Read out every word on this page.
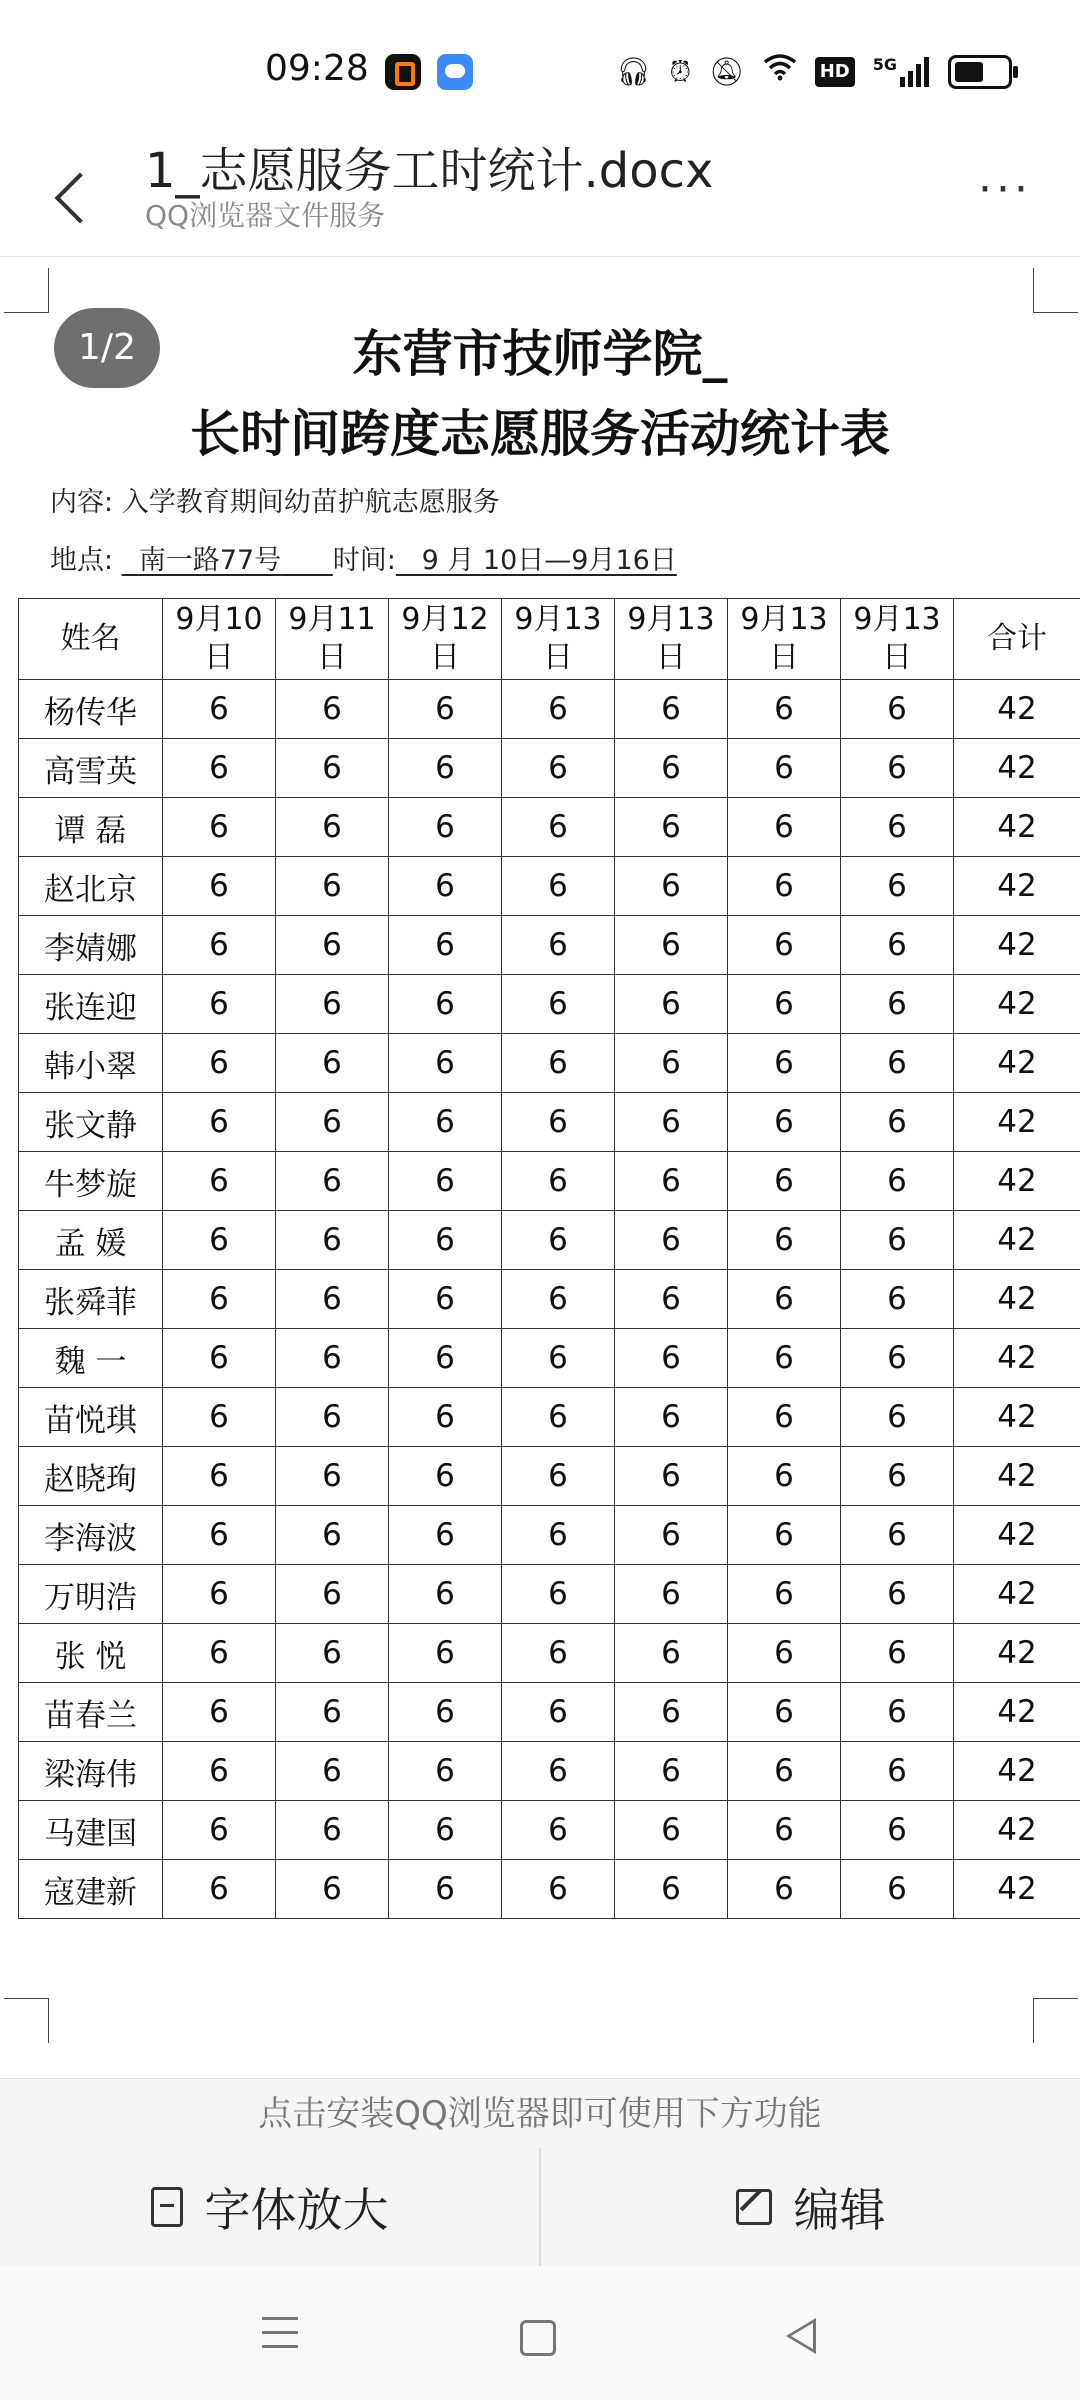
09:28	🎧︎ ⏰︎ 🔕︎	HD	5G
1_志愿服务工时统计.docx
QQ浏览器文件服务
···
东营市技师学院_
长时间跨度志愿服务活动统计表
1/2
内容: 入学教育期间幼苗护航志愿服务
地点: 南一路77号 时间: 9 月 10日—9月16日
姓名	9月10日	9月11日	9月12日	9月13日	9月13日	9月13日	9月13日	合计
杨传华	6	6	6	6	6	6	6	42
高雪英	6	6	6	6	6	6	6	42
谭 磊	6	6	6	6	6	6	6	42
赵北京	6	6	6	6	6	6	6	42
李婧娜	6	6	6	6	6	6	6	42
张连迎	6	6	6	6	6	6	6	42
韩小翠	6	6	6	6	6	6	6	42
张文静	6	6	6	6	6	6	6	42
牛梦旋	6	6	6	6	6	6	6	42
孟 媛	6	6	6	6	6	6	6	42
张舜菲	6	6	6	6	6	6	6	42
魏 一	6	6	6	6	6	6	6	42
苗悦琪	6	6	6	6	6	6	6	42
赵晓珣	6	6	6	6	6	6	6	42
李海波	6	6	6	6	6	6	6	42
万明浩	6	6	6	6	6	6	6	42
张 悦	6	6	6	6	6	6	6	42
苗春兰	6	6	6	6	6	6	6	42
梁海伟	6	6	6	6	6	6	6	42
马建国	6	6	6	6	6	6	6	42
寇建新	6	6	6	6	6	6	6	42
点击安装QQ浏览器即可使用下方功能
字体放大	编辑
